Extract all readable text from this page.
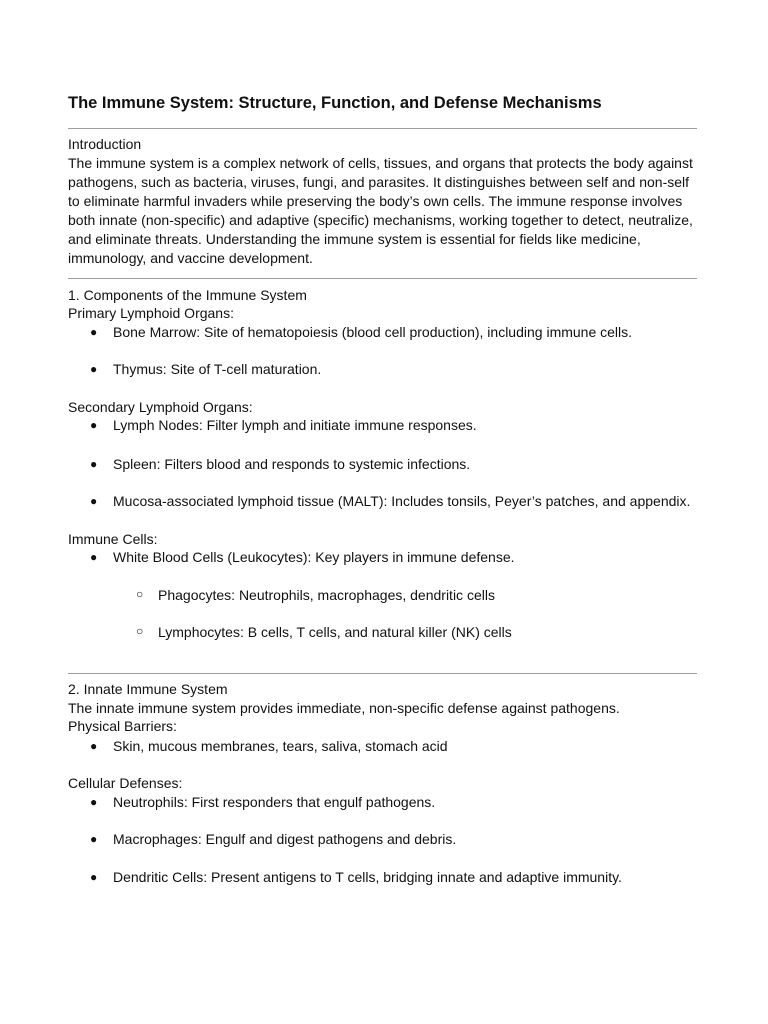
The Immune System: Structure, Function, and Defense Mechanisms

Introduction

The immune system is a complex network of cells, tissues, and organs that protects the body against pathogens, such as bacteria, viruses, fungi, and parasites. It distinguishes between self and non-self to eliminate harmful invaders while preserving the body’s own cells. The immune response involves both innate (non-specific) and adaptive (specific) mechanisms, working together to detect, neutralize, and eliminate threats. Understanding the immune system is essential for fields like medicine, immunology, and vaccine development.

1. Components of the Immune System

Primary Lymphoid Organs:

● Bone Marrow: Site of hematopoiesis (blood cell production), including immune cells.
● Thymus: Site of T-cell maturation.

Secondary Lymphoid Organs:

● Lymph Nodes: Filter lymph and initiate immune responses.
● Spleen: Filters blood and responds to systemic infections.
● Mucosa-associated lymphoid tissue (MALT): Includes tonsils, Peyer’s patches, and appendix.

Immune Cells:

● White Blood Cells (Leukocytes): Key players in immune defense.
○ Phagocytes: Neutrophils, macrophages, dendritic cells
○ Lymphocytes: B cells, T cells, and natural killer (NK) cells

2. Innate Immune System

The innate immune system provides immediate, non-specific defense against pathogens.

Physical Barriers:

● Skin, mucous membranes, tears, saliva, stomach acid

Cellular Defenses:

● Neutrophils: First responders that engulf pathogens.
● Macrophages: Engulf and digest pathogens and debris.
● Dendritic Cells: Present antigens to T cells, bridging innate and adaptive immunity.
